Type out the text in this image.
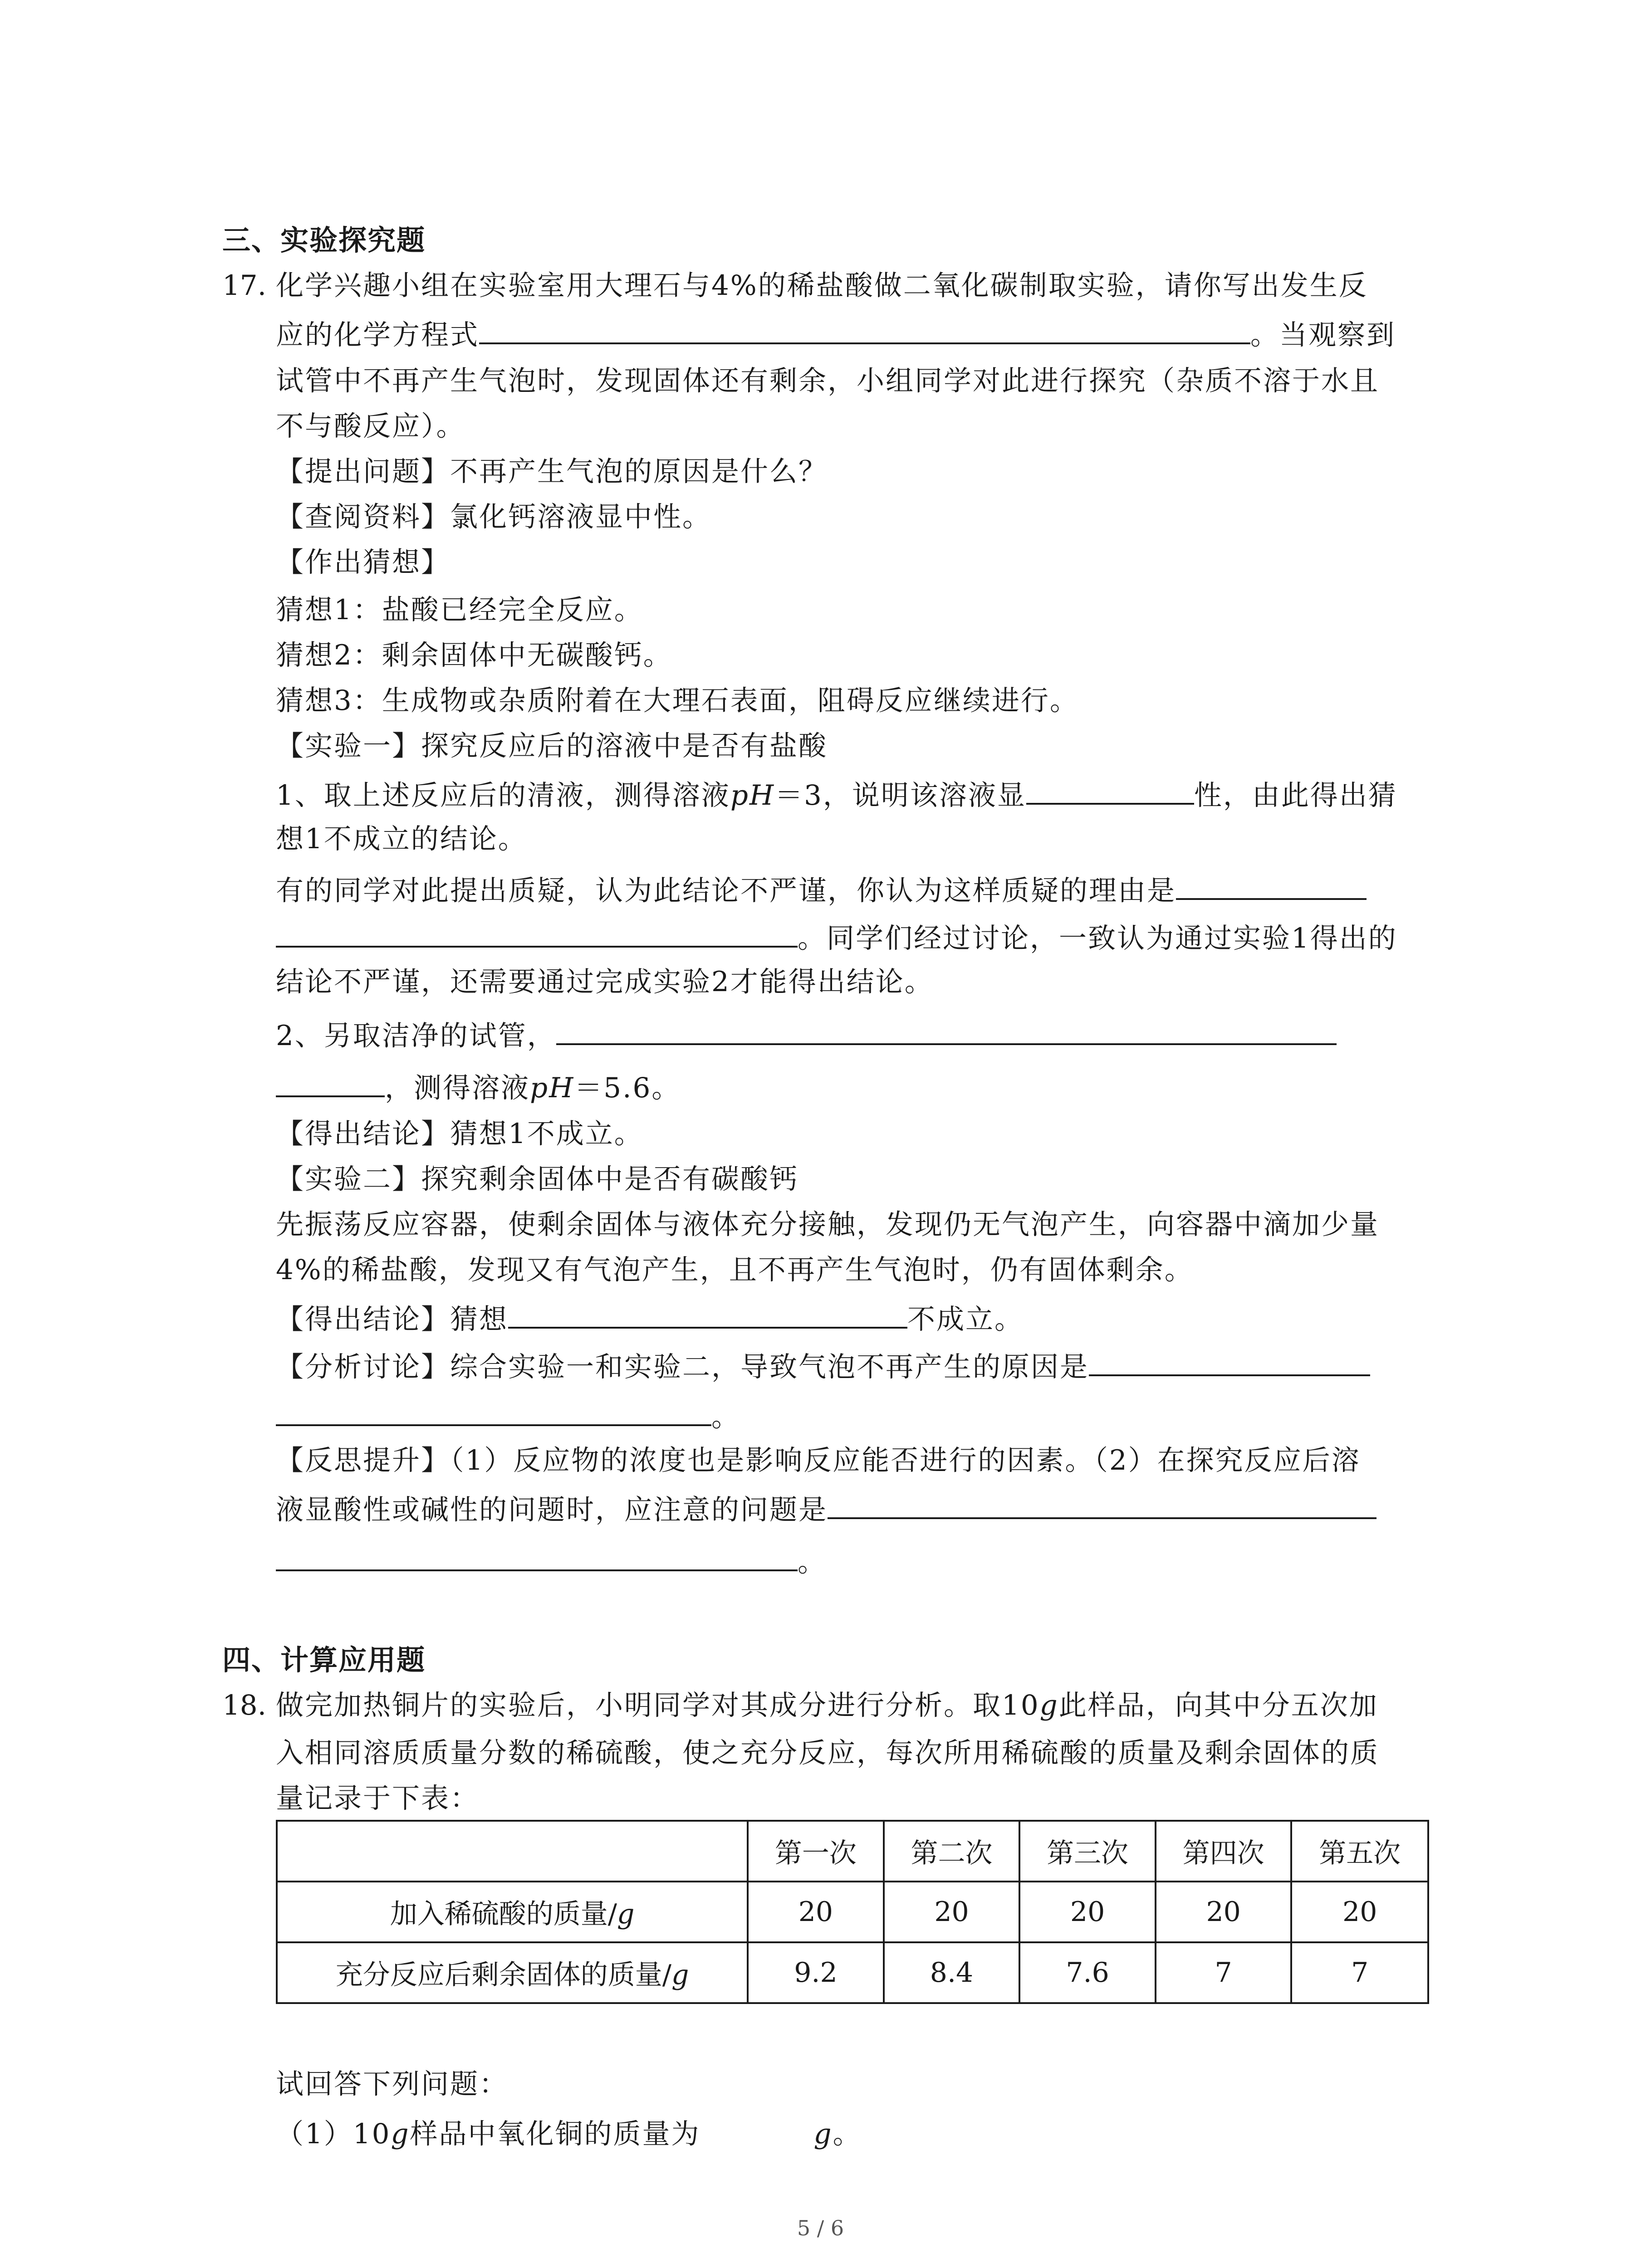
三、实验探究题
17. 化学兴趣小组在实验室用大理石与4%的稀盐酸做二氧化碳制取实验，请你写出发生反
应的化学方程式	。当观察到
试管中不再产生气泡时，发现固体还有剩余，小组同学对此进行探究（杂质不溶于水且
不与酸反应）。
【提出问题】不再产生气泡的原因是什么？
【查阅资料】氯化钙溶液显中性。
【作出猜想】
猜想1：盐酸已经完全反应。
猜想2：剩余固体中无碳酸钙。
猜想3：生成物或杂质附着在大理石表面，阻碍反应继续进行。
【实验一】探究反应后的溶液中是否有盐酸
1、取上述反应后的清液，测得溶液pH＝3，说明该溶液显	性，由此得出猜
想1不成立的结论。
有的同学对此提出质疑，认为此结论不严谨，你认为这样质疑的理由是
。同学们经过讨论，一致认为通过实验1得出的
结论不严谨，还需要通过完成实验2才能得出结论。
2、另取洁净的试管，
，测得溶液pH＝5.6。
【得出结论】猜想1不成立。
【实验二】探究剩余固体中是否有碳酸钙
先振荡反应容器，使剩余固体与液体充分接触，发现仍无气泡产生，向容器中滴加少量
4%的稀盐酸，发现又有气泡产生，且不再产生气泡时，仍有固体剩余。
【得出结论】猜想	不成立。
【分析讨论】综合实验一和实验二，导致气泡不再产生的原因是
。
【反思提升】（1）反应物的浓度也是影响反应能否进行的因素。（2）在探究反应后溶
液显酸性或碱性的问题时，应注意的问题是
。
四、计算应用题
18. 做完加热铜片的实验后，小明同学对其成分进行分析。取10g此样品，向其中分五次加
入相同溶质质量分数的稀硫酸，使之充分反应，每次所用稀硫酸的质量及剩余固体的质
量记录于下表：
	第一次	第二次	第三次	第四次	第五次
加入稀硫酸的质量/g	20	20	20	20	20
充分反应后剩余固体的质量/g	9.2	8.4	7.6	7	7
试回答下列问题：
（1）10g样品中氧化铜的质量为	g。
5 / 6
